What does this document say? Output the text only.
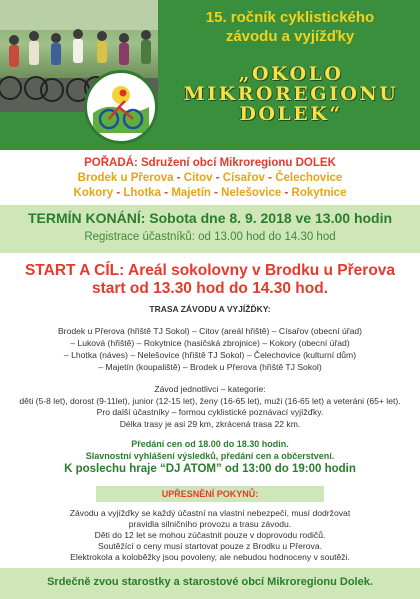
15. ročník cyklistického
závodu a vyjížďky
„OKOLO
MIKROREGIONU
DOLEK“
POŘADÁ: Sdružení obcí Mikroregionu DOLEK
Brodek u Přerova - Citov - Císařov - Čelechovice
Kokory - Lhotka - Majetín - Nelešovice - Rokytnice
TERMÍN KONÁNÍ: Sobota dne 8. 9. 2018 ve 13.00 hodin
Registrace účastníků: od 13.00 hod do 14.30 hod
START A CÍL: Areál sokolovny v Brodku u Přerova
start od 13.30 hod do 14.30 hod.
TRASA ZÁVODU A VYJÍŽĎKY:
Brodek u Přerova (hřiště TJ Sokol) – Citov (areál hřiště) – Císařov (obecní úřad)
– Luková (hřiště) – Rokytnice (hasičská zbrojnice) – Kokory (obecní úřad)
– Lhotka (náves) – Nelešovice (hřiště TJ Sokol) – Čelechovice (kulturní dům)
– Majetín (koupaliště) – Brodek u Přerova (hřiště TJ Sokol)
Závod jednotlivci – kategorie:
děti (5-8 let), dorost (9-11let), junior (12-15 let), ženy (16-65 let), muži (16-65 let) a veteráni (65+ let).
Pro další účastníky – formou cyklistické poznávací vyjížďky.
Délka trasy je asi 29 km, zkrácená trasa 22 km.
Předání cen od 18.00 do 18.30 hodin.
Slavnostní vyhlášení výsledků, předání cen a občerstvení.
K poslechu hraje “DJ ATOM” od 13:00 do 19:00 hodin
UPŘESNĚNÍ POKYNŮ:
Závodu a vyjížďky se každý účastní na vlastní nebezpečí, musí dodržovat
pravidla silničního provozu a trasu závodu.
Děti do 12 let se mohou zúčastnit pouze v doprovodu rodičů.
Soutěžící o ceny musí startovat pouze z Brodku u Přerova.
Elektrokola a koloběžky jsou povoleny, ale nebudou hodnoceny v soutěži.
Srdečně zvou starostky a starostové obcí Mikroregionu Dolek.
